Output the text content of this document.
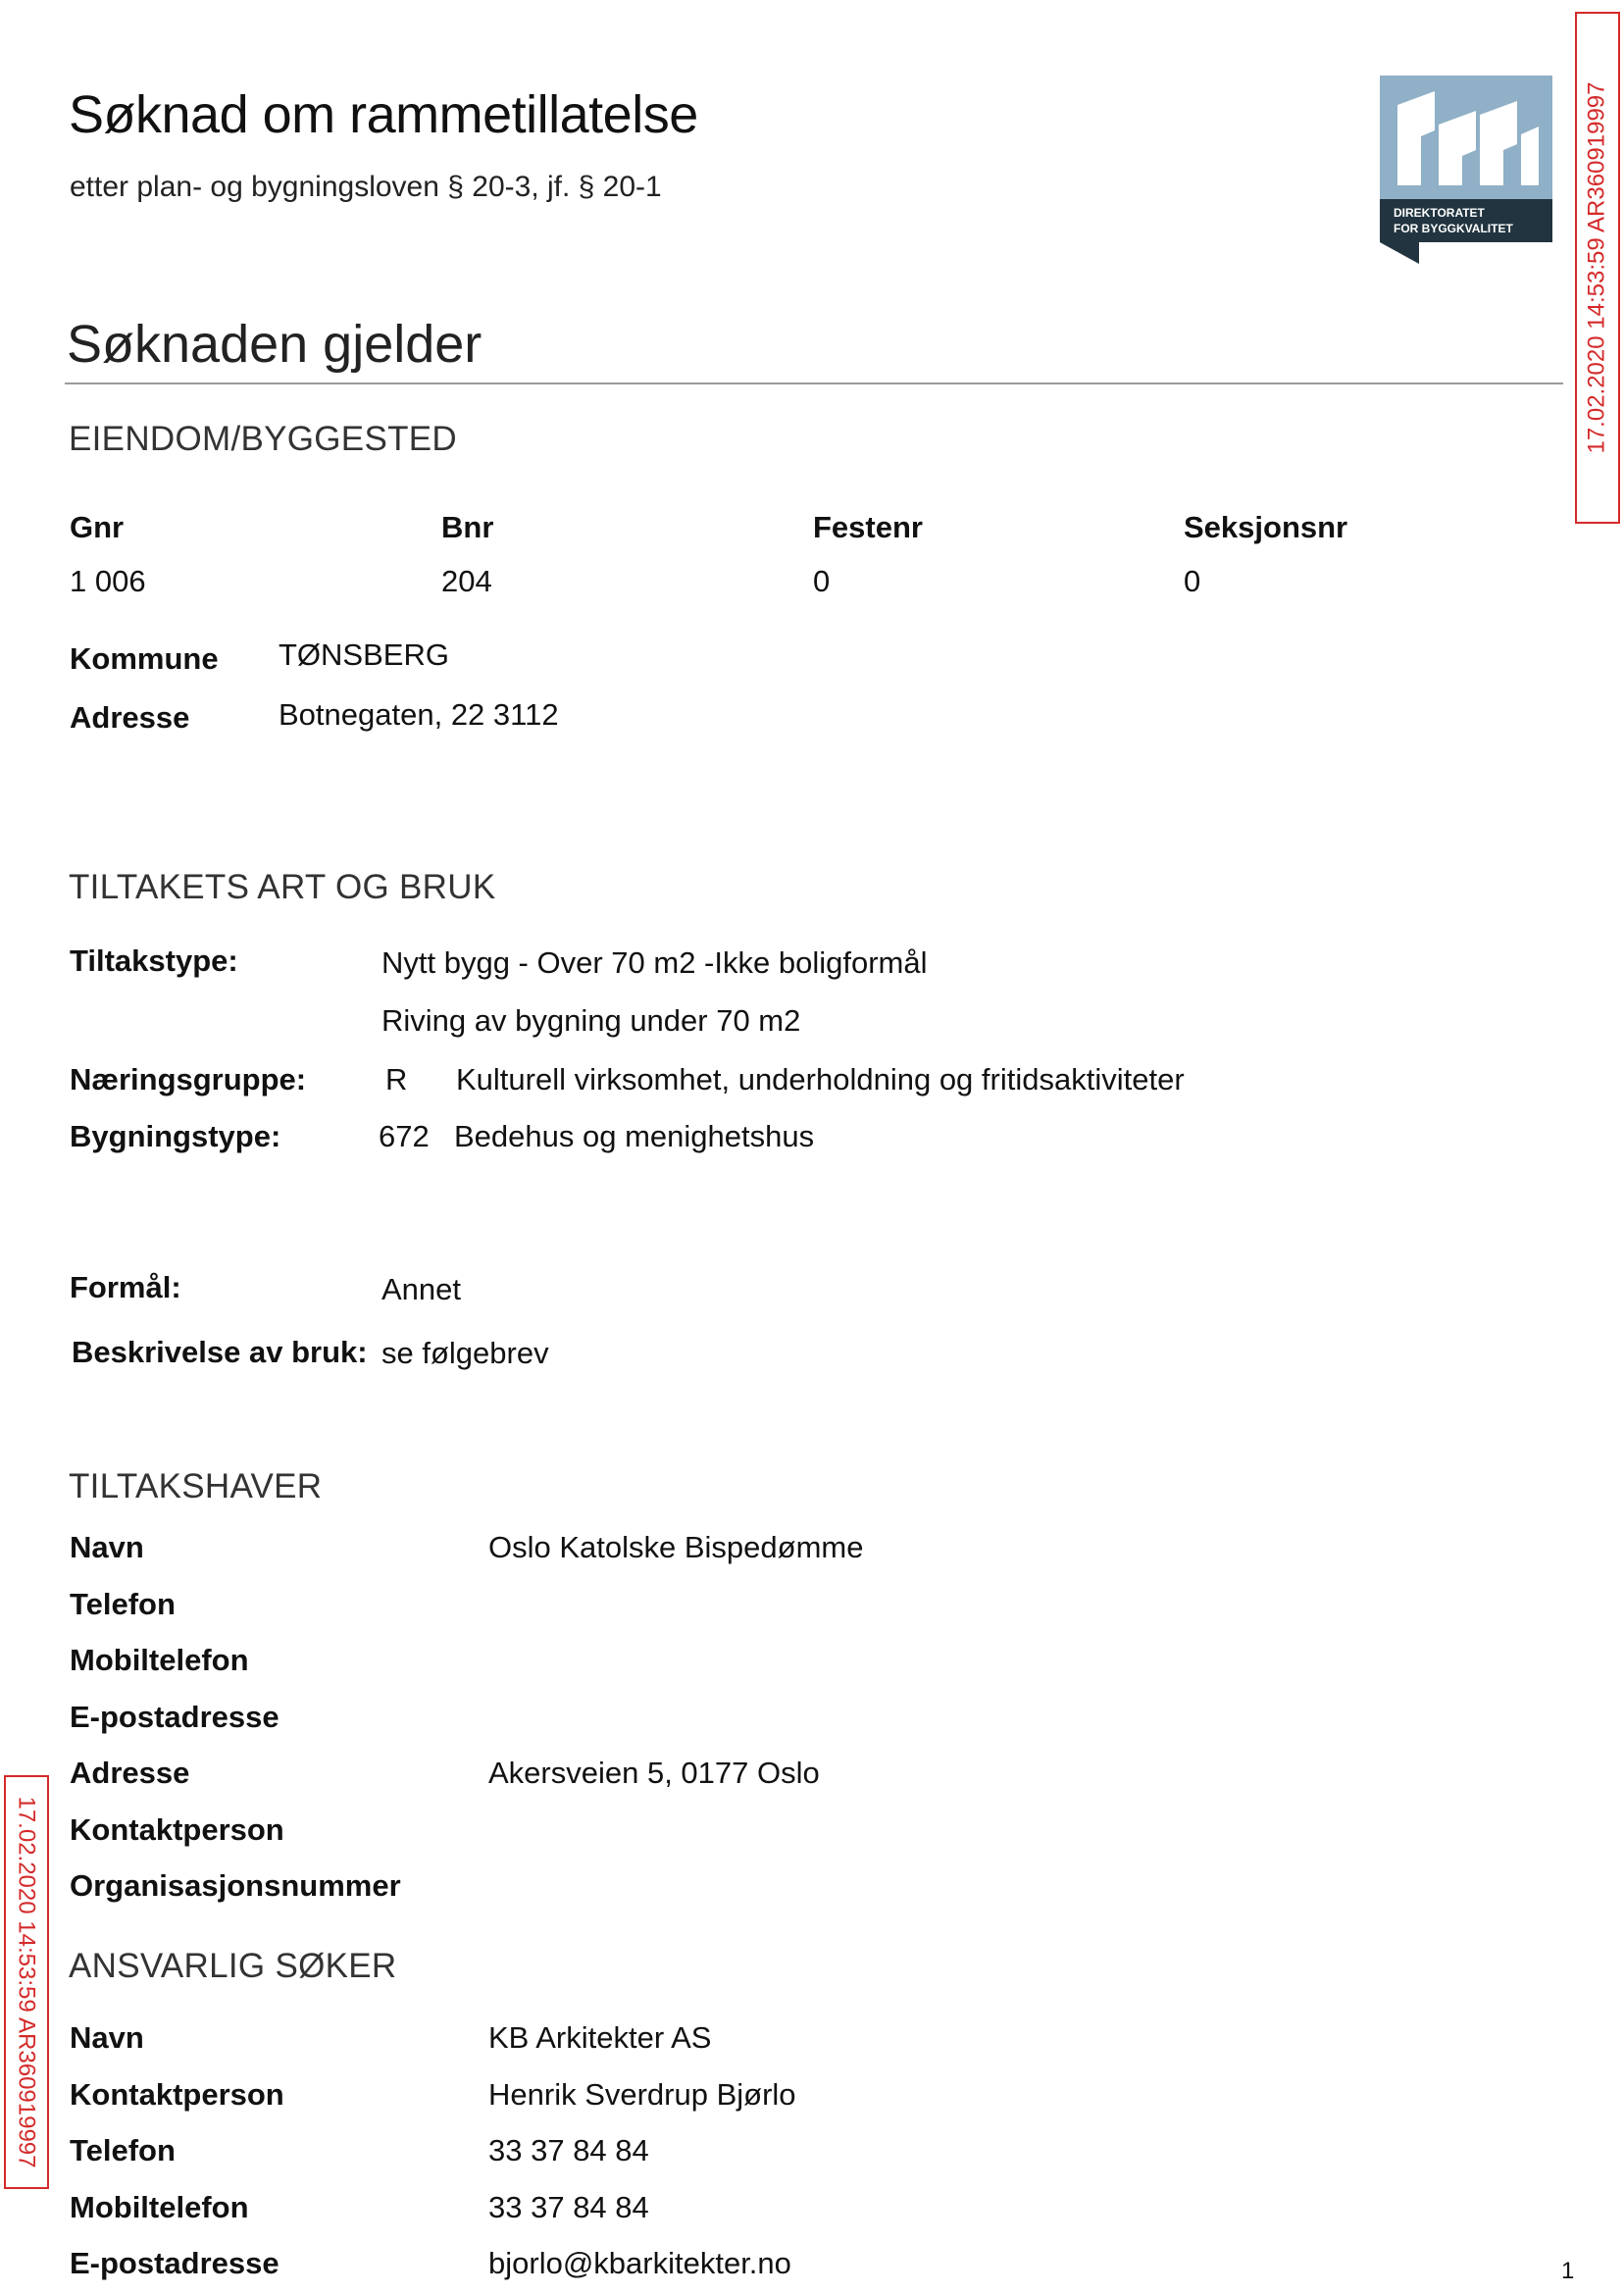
Søknad om rammetillatelse
etter plan- og bygningsloven § 20-3, jf. § 20-1
DIREKTORATET
FOR BYGGKVALITET	17.02.2020 14:53:59 AR360919997
17.02.2020 14:53:59 AR360919997
Søknaden gjelder
EIENDOM/BYGGESTED
Gnr
1 006
Bnr
204
Festenr
0
Seksjonsnr
0
Kommune TØNSBERG
Adresse	Botnegaten, 22 3112
TILTAKETS ART OG BRUK
Tiltakstype:	Nytt bygg - Over 70 m2 -Ikke boligformål
Riving av bygning under 70 m2
Næringsgruppe:	R Kulturell virksomhet, underholdning og fritidsaktiviteter
Bygningstype:	672 Bedehus og menighetshus
Formål:	Annet
Beskrivelse av bruk: se følgebrev
TILTAKSHAVER
Navn	Oslo Katolske Bispedømme
Telefon
Mobiltelefon
E-postadresse
Adresse	Akersveien 5, 0177 Oslo
Kontaktperson
Organisasjonsnummer
ANSVARLIG SØKER
Navn	KB Arkitekter AS
Kontaktperson	Henrik Sverdrup Bjørlo
Telefon	33 37 84 84
Mobiltelefon	33 37 84 84
E-postadresse	bjorlo@kbarkitekter.no	1
